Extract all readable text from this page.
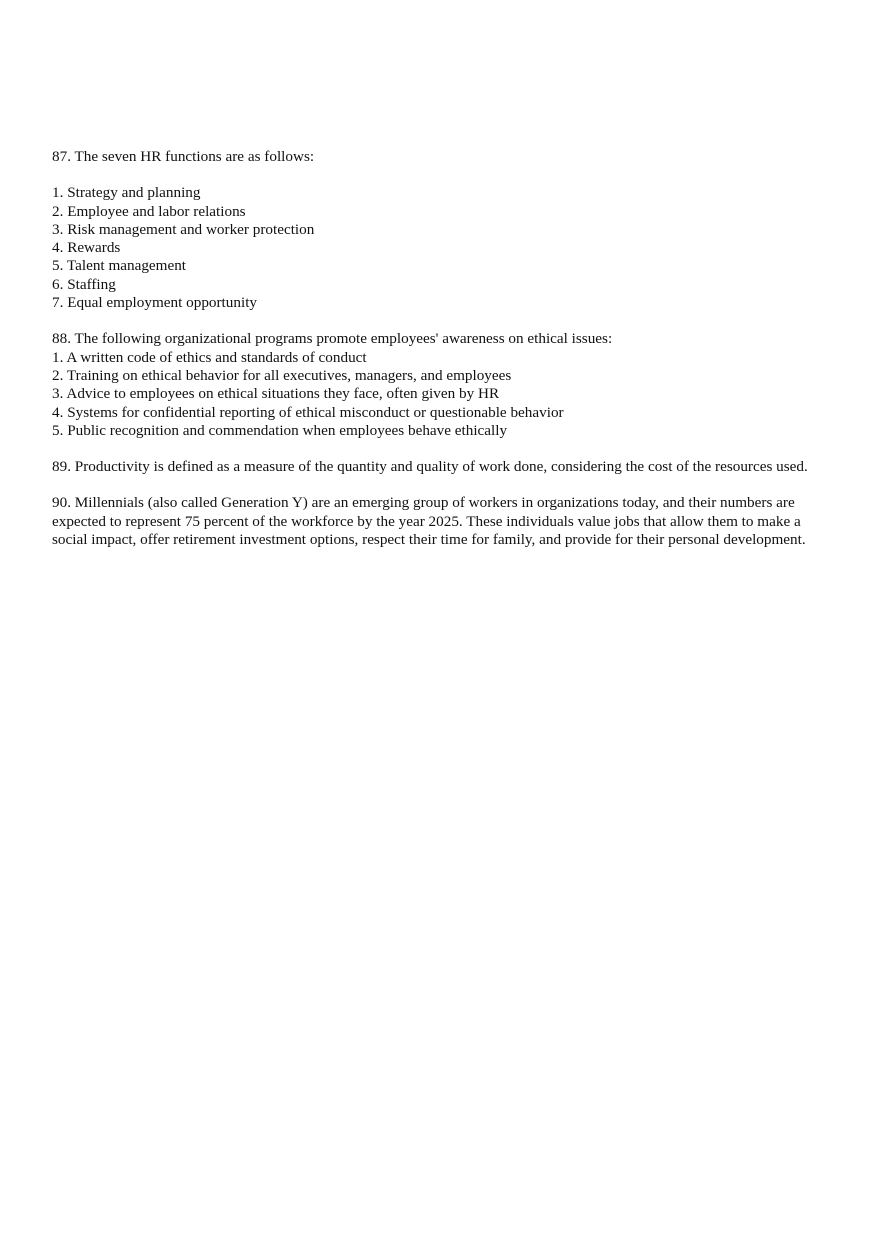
87. The seven HR functions are as follows:

1. Strategy and planning
2. Employee and labor relations
3. Risk management and worker protection
4. Rewards
5. Talent management
6. Staffing
7. Equal employment opportunity

88. The following organizational programs promote employees' awareness on ethical issues:

1. A written code of ethics and standards of conduct
2. Training on ethical behavior for all executives, managers, and employees
3. Advice to employees on ethical situations they face, often given by HR
4. Systems for confidential reporting of ethical misconduct or questionable behavior
5. Public recognition and commendation when employees behave ethically

89. Productivity is defined as a measure of the quantity and quality of work done, considering the cost of the resources used.

90. Millennials (also called Generation Y) are an emerging group of workers in organizations today, and their numbers are expected to represent 75 percent of the workforce by the year 2025. These individuals value jobs that allow them to make a social impact, offer retirement investment options, respect their time for family, and provide for their personal development.
